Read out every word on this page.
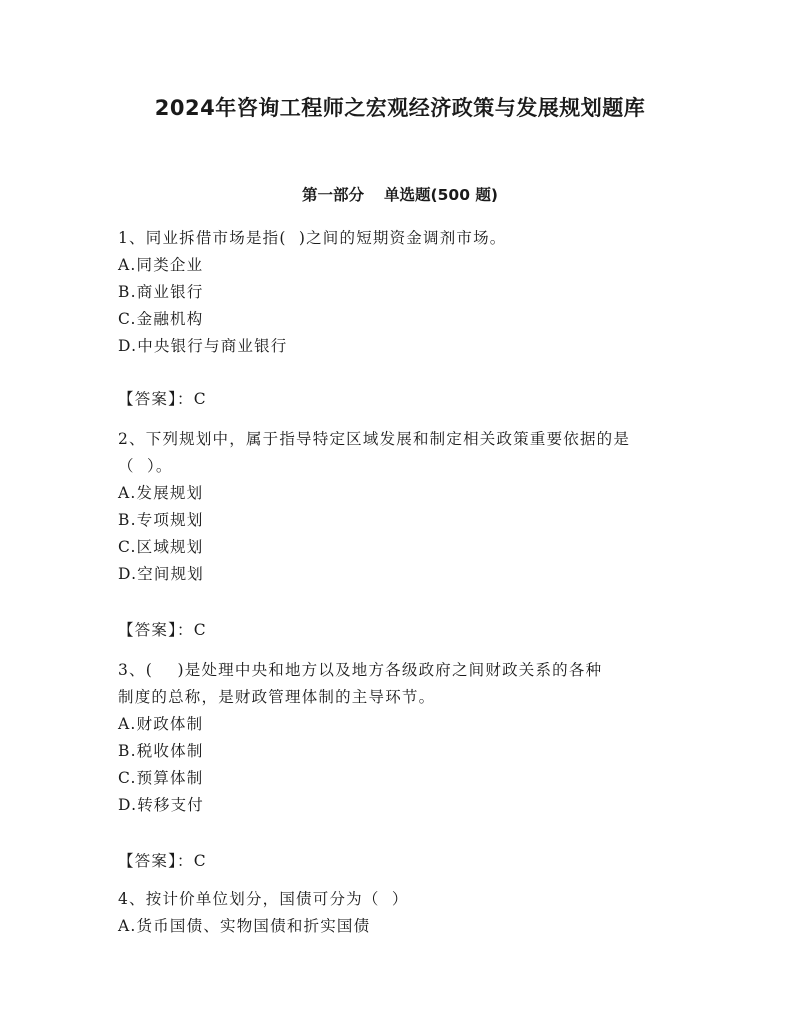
2024年咨询工程师之宏观经济政策与发展规划题库
第一部分 单选题(500 题)

1、同业拆借市场是指(  )之间的短期资金调剂市场。

A.同类企业

B.商业银行

C.金融机构

D.中央银行与商业银行

【答案】：C

2、下列规划中，属于指导特定区域发展和制定相关政策重要依据的是

（  ）。

A.发展规划

B.专项规划

C.区域规划

D.空间规划

【答案】：C

3、(    )是处理中央和地方以及地方各级政府之间财政关系的各种

制度的总称，是财政管理体制的主导环节。

A.财政体制

B.税收体制

C.预算体制

D.转移支付

【答案】：C

4、按计价单位划分，国债可分为（  ）

A.货币国债、实物国债和折实国债
